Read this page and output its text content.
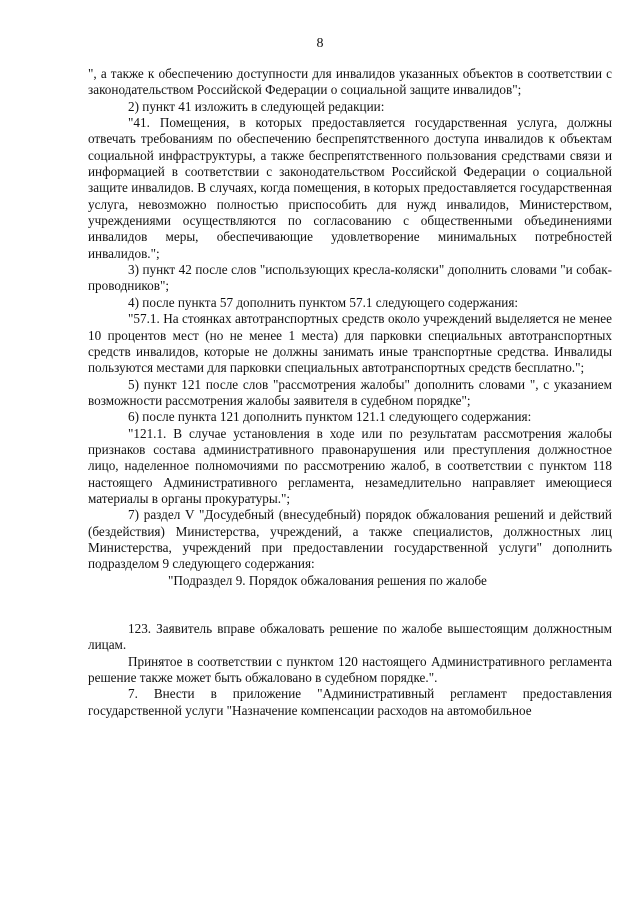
8

", а также к обеспечению доступности для инвалидов указанных объектов в соответствии с законодательством Российской Федерации о социальной защите инвалидов";

2) пункт 41 изложить в следующей редакции:

"41. Помещения, в которых предоставляется государственная услуга, должны отвечать требованиям по обеспечению беспрепятственного доступа инвалидов к объектам социальной инфраструктуры, а также беспрепятственного пользования средствами связи и информацией в соответствии с законодательством Российской Федерации о социальной защите инвалидов. В случаях, когда помещения, в которых предоставляется государственная услуга, невозможно полностью приспособить для нужд инвалидов, Министерством, учреждениями осуществляются по согласованию с общественными объединениями инвалидов меры, обеспечивающие удовлетворение минимальных потребностей инвалидов.";

3) пункт 42 после слов "использующих кресла-коляски" дополнить словами "и собак-проводников";

4) после пункта 57 дополнить пунктом 57.1 следующего содержания:

"57.1. На стоянках автотранспортных средств около учреждений выделяется не менее 10 процентов мест (но не менее 1 места) для парковки специальных автотранспортных средств инвалидов, которые не должны занимать иные транспортные средства. Инвалиды пользуются местами для парковки специальных автотранспортных средств бесплатно.";

5) пункт 121 после слов "рассмотрения жалобы" дополнить словами ", с указанием возможности рассмотрения жалобы заявителя в судебном порядке";

6) после пункта 121 дополнить пунктом 121.1 следующего содержания:

"121.1. В случае установления в ходе или по результатам рассмотрения жалобы признаков состава административного правонарушения или преступления должностное лицо, наделенное полномочиями по рассмотрению жалоб, в соответствии с пунктом 118 настоящего Административного регламента, незамедлительно направляет имеющиеся материалы в органы прокуратуры.";

7) раздел V "Досудебный (внесудебный) порядок обжалования решений и действий (бездействия) Министерства, учреждений, а также специалистов, должностных лиц Министерства, учреждений при предоставлении государственной услуги" дополнить подразделом 9 следующего содержания:

"Подраздел 9. Порядок обжалования решения по жалобе

123. Заявитель вправе обжаловать решение по жалобе вышестоящим должностным лицам.

Принятое в соответствии с пунктом 120 настоящего Административного регламента решение также может быть обжаловано в судебном порядке.".

7. Внести в приложение "Административный регламент предоставления государственной услуги "Назначение компенсации расходов на автомобильное
